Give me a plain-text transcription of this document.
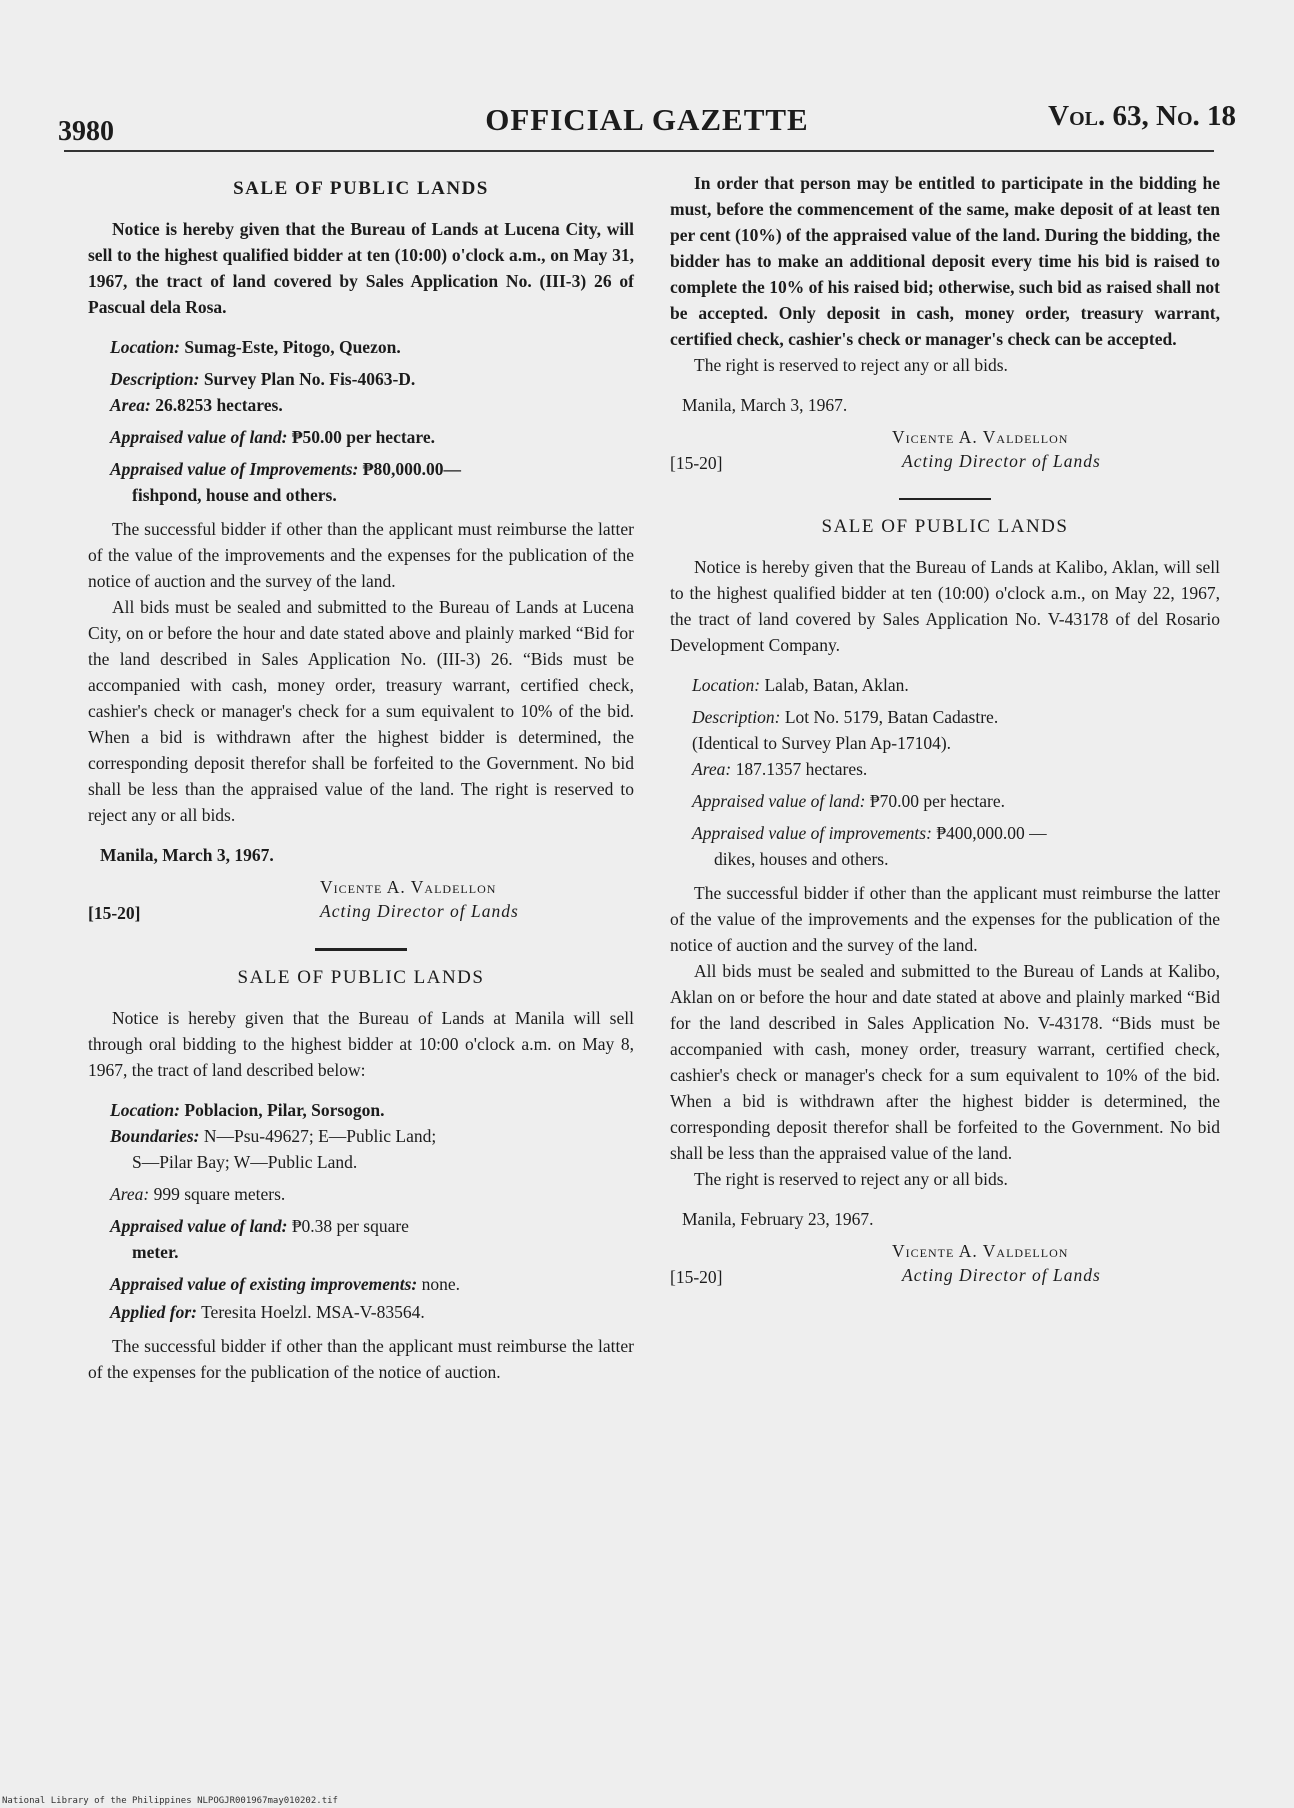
3980	OFFICIAL GAZETTE	Vol. 63, No. 18
SALE OF PUBLIC LANDS

Notice is hereby given that the Bureau of Lands at Lucena City, will sell to the highest qualified bidder at ten (10:00) o'clock a.m., on May 31, 1967, the tract of land covered by Sales Application No. (III-3) 26 of Pascual dela Rosa.

Location: Sumag-Este, Pitogo, Quezon.

Description: Survey Plan No. Fis-4063-D.

Area: 26.8253 hectares.

Appraised value of land: ₱50.00 per hectare.

Appraised value of Improvements: ₱80,000.00—

fishpond, house and others.

The successful bidder if other than the applicant must reimburse the latter of the value of the improvements and the expenses for the publication of the notice of auction and the survey of the land.

All bids must be sealed and submitted to the Bureau of Lands at Lucena City, on or before the hour and date stated above and plainly marked “Bid for the land described in Sales Application No. (III-3) 26. “Bids must be accompanied with cash, money order, treasury warrant, certified check, cashier's check or manager's check for a sum equivalent to 10% of the bid. When a bid is withdrawn after the highest bidder is determined, the corresponding deposit therefor shall be forfeited to the Government. No bid shall be less than the appraised value of the land. The right is reserved to reject any or all bids.

Manila, March 3, 1967.

Vicente A. Valdellon
Acting Director of Lands
[15-20]
SALE OF PUBLIC LANDS

Notice is hereby given that the Bureau of Lands at Manila will sell through oral bidding to the highest bidder at 10:00 o'clock a.m. on May 8, 1967, the tract of land described below:

Location: Poblacion, Pilar, Sorsogon.

Boundaries: N—Psu-49627; E—Public Land;

S—Pilar Bay; W—Public Land.

Area: 999 square meters.

Appraised value of land: ₱0.38 per square

meter.

Appraised value of existing improvements: none.

Applied for: Teresita Hoelzl. MSA-V-83564.

The successful bidder if other than the applicant must reimburse the latter of the expenses for the publication of the notice of auction.

In order that person may be entitled to participate in the bidding he must, before the commencement of the same, make deposit of at least ten per cent (10%) of the appraised value of the land. During the bidding, the bidder has to make an additional deposit every time his bid is raised to complete the 10% of his raised bid; otherwise, such bid as raised shall not be accepted. Only deposit in cash, money order, treasury warrant, certified check, cashier's check or manager's check can be accepted.

The right is reserved to reject any or all bids.

Manila, March 3, 1967.

Vicente A. Valdellon
Acting Director of Lands
[15-20]
SALE OF PUBLIC LANDS

Notice is hereby given that the Bureau of Lands at Kalibo, Aklan, will sell to the highest qualified bidder at ten (10:00) o'clock a.m., on May 22, 1967, the tract of land covered by Sales Application No. V-43178 of del Rosario Development Company.

Location: Lalab, Batan, Aklan.

Description: Lot No. 5179, Batan Cadastre.

(Identical to Survey Plan Ap-17104).

Area: 187.1357 hectares.

Appraised value of land: ₱70.00 per hectare.

Appraised value of improvements: ₱400,000.00 —

dikes, houses and others.

The successful bidder if other than the applicant must reimburse the latter of the value of the improvements and the expenses for the publication of the notice of auction and the survey of the land.

All bids must be sealed and submitted to the Bureau of Lands at Kalibo, Aklan on or before the hour and date stated at above and plainly marked “Bid for the land described in Sales Application No. V-43178. “Bids must be accompanied with cash, money order, treasury warrant, certified check, cashier's check or manager's check for a sum equivalent to 10% of the bid. When a bid is withdrawn after the highest bidder is determined, the corresponding deposit therefor shall be forfeited to the Government. No bid shall be less than the appraised value of the land.

The right is reserved to reject any or all bids.

Manila, February 23, 1967.

Vicente A. Valdellon
Acting Director of Lands
[15-20]
National Library of the Philippines NLPOGJR001967may010202.tif
